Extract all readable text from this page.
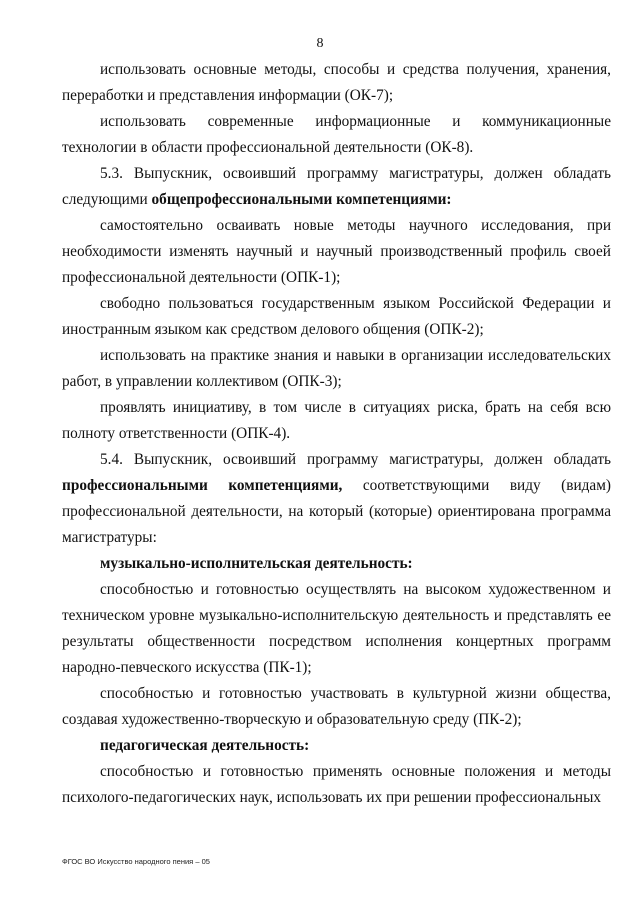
8

использовать основные методы, способы и средства получения, хранения, переработки и представления информации (ОК-7);

использовать современные информационные и коммуникационные технологии в области профессиональной деятельности (ОК-8).

5.3. Выпускник, освоивший программу магистратуры, должен обладать следующими общепрофессиональными компетенциями:

самостоятельно осваивать новые методы научного исследования, при необходимости изменять научный и научный производственный профиль своей профессиональной деятельности (ОПК-1);

свободно пользоваться государственным языком Российской Федерации и иностранным языком как средством делового общения (ОПК-2);

использовать на практике знания и навыки в организации исследовательских работ, в управлении коллективом (ОПК-3);

проявлять инициативу, в том числе в ситуациях риска, брать на себя всю полноту ответственности (ОПК-4).

5.4. Выпускник, освоивший программу магистратуры, должен обладать профессиональными компетенциями, соответствующими виду (видам) профессиональной деятельности, на который (которые) ориентирована программа магистратуры:

музыкально-исполнительская деятельность:

способностью и готовностью осуществлять на высоком художественном и техническом уровне музыкально-исполнительскую деятельность и представлять ее результаты общественности посредством исполнения концертных программ народно-певческого искусства (ПК-1);

способностью и готовностью участвовать в культурной жизни общества, создавая художественно-творческую и образовательную среду (ПК-2);

педагогическая деятельность:

способностью и готовностью применять основные положения и методы психолого-педагогических наук, использовать их при решении профессиональных

ФГОС ВО Искусство народного пения – 05
